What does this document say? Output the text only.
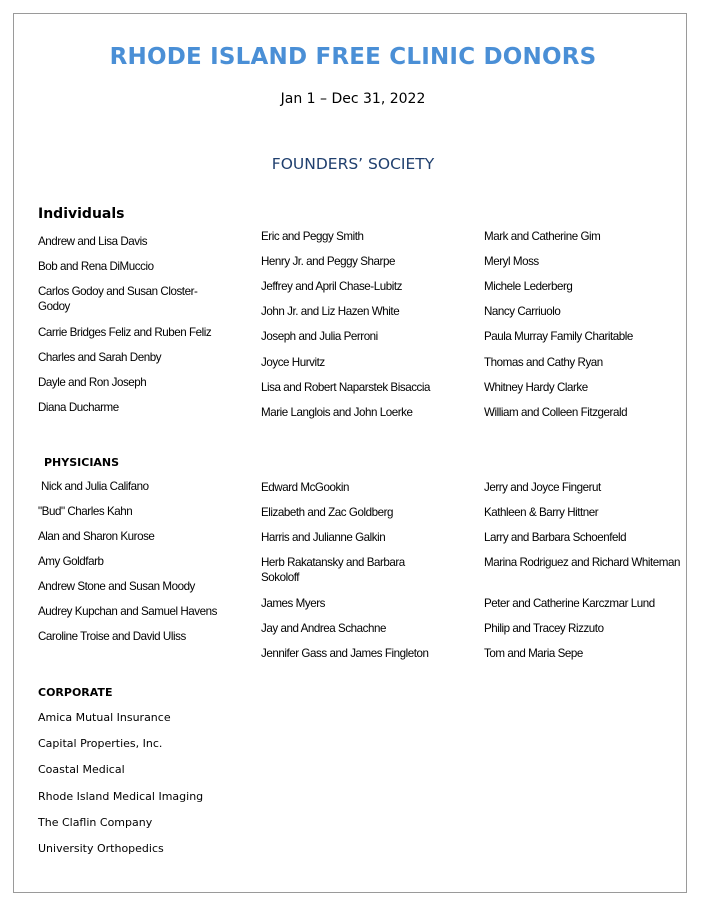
RHODE ISLAND FREE CLINIC DONORS
Jan 1 – Dec 31, 2022
FOUNDERS’ SOCIETY
Individuals
Andrew and Lisa Davis
Bob and Rena DiMuccio
Carlos Godoy and Susan Closter-Godoy
Carrie Bridges Feliz and Ruben Feliz
Charles and Sarah Denby
Dayle and Ron Joseph
Diana Ducharme
Eric and Peggy Smith
Henry Jr. and Peggy Sharpe
Jeffrey and April Chase-Lubitz
John Jr. and Liz Hazen White
Joseph and Julia Perroni
Joyce Hurvitz
Lisa and Robert Naparstek Bisaccia
Marie Langlois and John Loerke
Mark and Catherine Gim
Meryl Moss
Michele Lederberg
Nancy Carriuolo
Paula Murray Family Charitable
Thomas and Cathy Ryan
Whitney Hardy Clarke
William and Colleen Fitzgerald
PHYSICIANS
Nick and Julia Califano
"Bud" Charles Kahn
Alan and Sharon Kurose
Amy Goldfarb
Andrew Stone and Susan Moody
Audrey Kupchan and Samuel Havens
Caroline Troise and David Uliss
Edward McGookin
Elizabeth and Zac Goldberg
Harris and Julianne Galkin
Herb Rakatansky and Barbara Sokoloff
James Myers
Jay and Andrea Schachne
Jennifer Gass and James Fingleton
Jerry and Joyce Fingerut
Kathleen & Barry Hittner
Larry and Barbara Schoenfeld
Marina Rodriguez and Richard Whiteman
Peter and Catherine Karczmar Lund
Philip and Tracey Rizzuto
Tom and Maria Sepe
CORPORATE
Amica Mutual Insurance
Capital Properties, Inc.
Coastal Medical
Rhode Island Medical Imaging
The Claflin Company
University Orthopedics
